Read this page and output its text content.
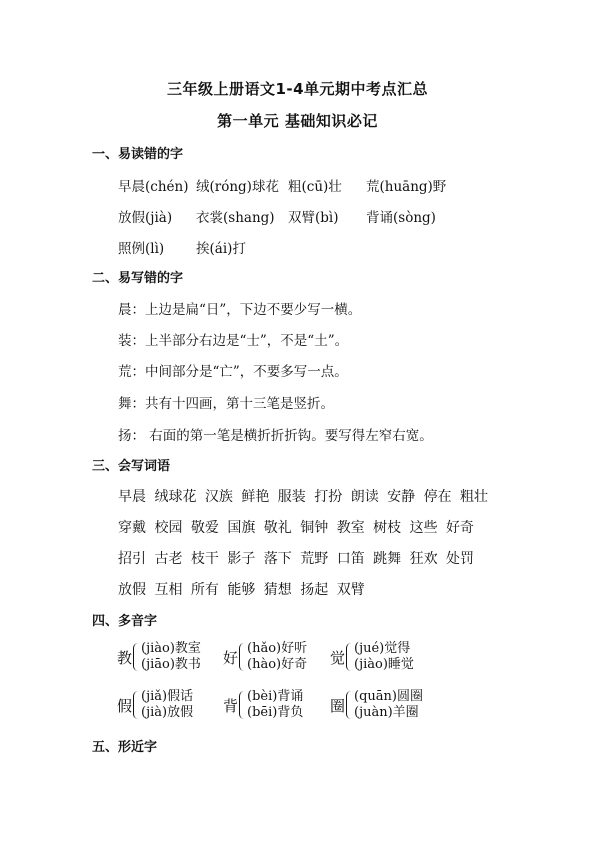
三年级上册语文1-4单元期中考点汇总
第一单元 基础知识必记
一、易读错的字
早晨(chén) 绒(róng)球花 粗(cū)壮 荒(huāng)野
放假(jià) 衣裳(shang) 双臂(bì) 背诵(sòng)
照例(lì) 挨(ái)打
二、易写错的字
晨：上边是扁“日”，下边不要少写一横。
装：上半部分右边是“士”，不是“土”。
荒：中间部分是“亡”，不要多写一点。
舞：共有十四画，第十三笔是竖折。
扬： 右面的第一笔是横折折折钩。要写得左窄右宽。
三、会写词语
早晨 绒球花 汉族 鲜艳 服装 打扮 朗读 安静 停在 粗壮
穿戴 校园 敬爱 国旗 敬礼 铜钟 教室 树枝 这些 好奇
招引 古老 枝干 影子 落下 荒野 口笛 跳舞 狂欢 处罚
放假 互相 所有 能够 猜想 扬起 双臂
四、多音字
教 (jiào)教室
(jiāo)教书 好 (hǎo)好听
(hào)好奇 觉 (jué)觉得
(jiào)睡觉
假 (jiǎ)假话
(jià)放假 背 (bèi)背诵
(bēi)背负 圈 (quān)圆圈
(juàn)羊圈
五、形近字
